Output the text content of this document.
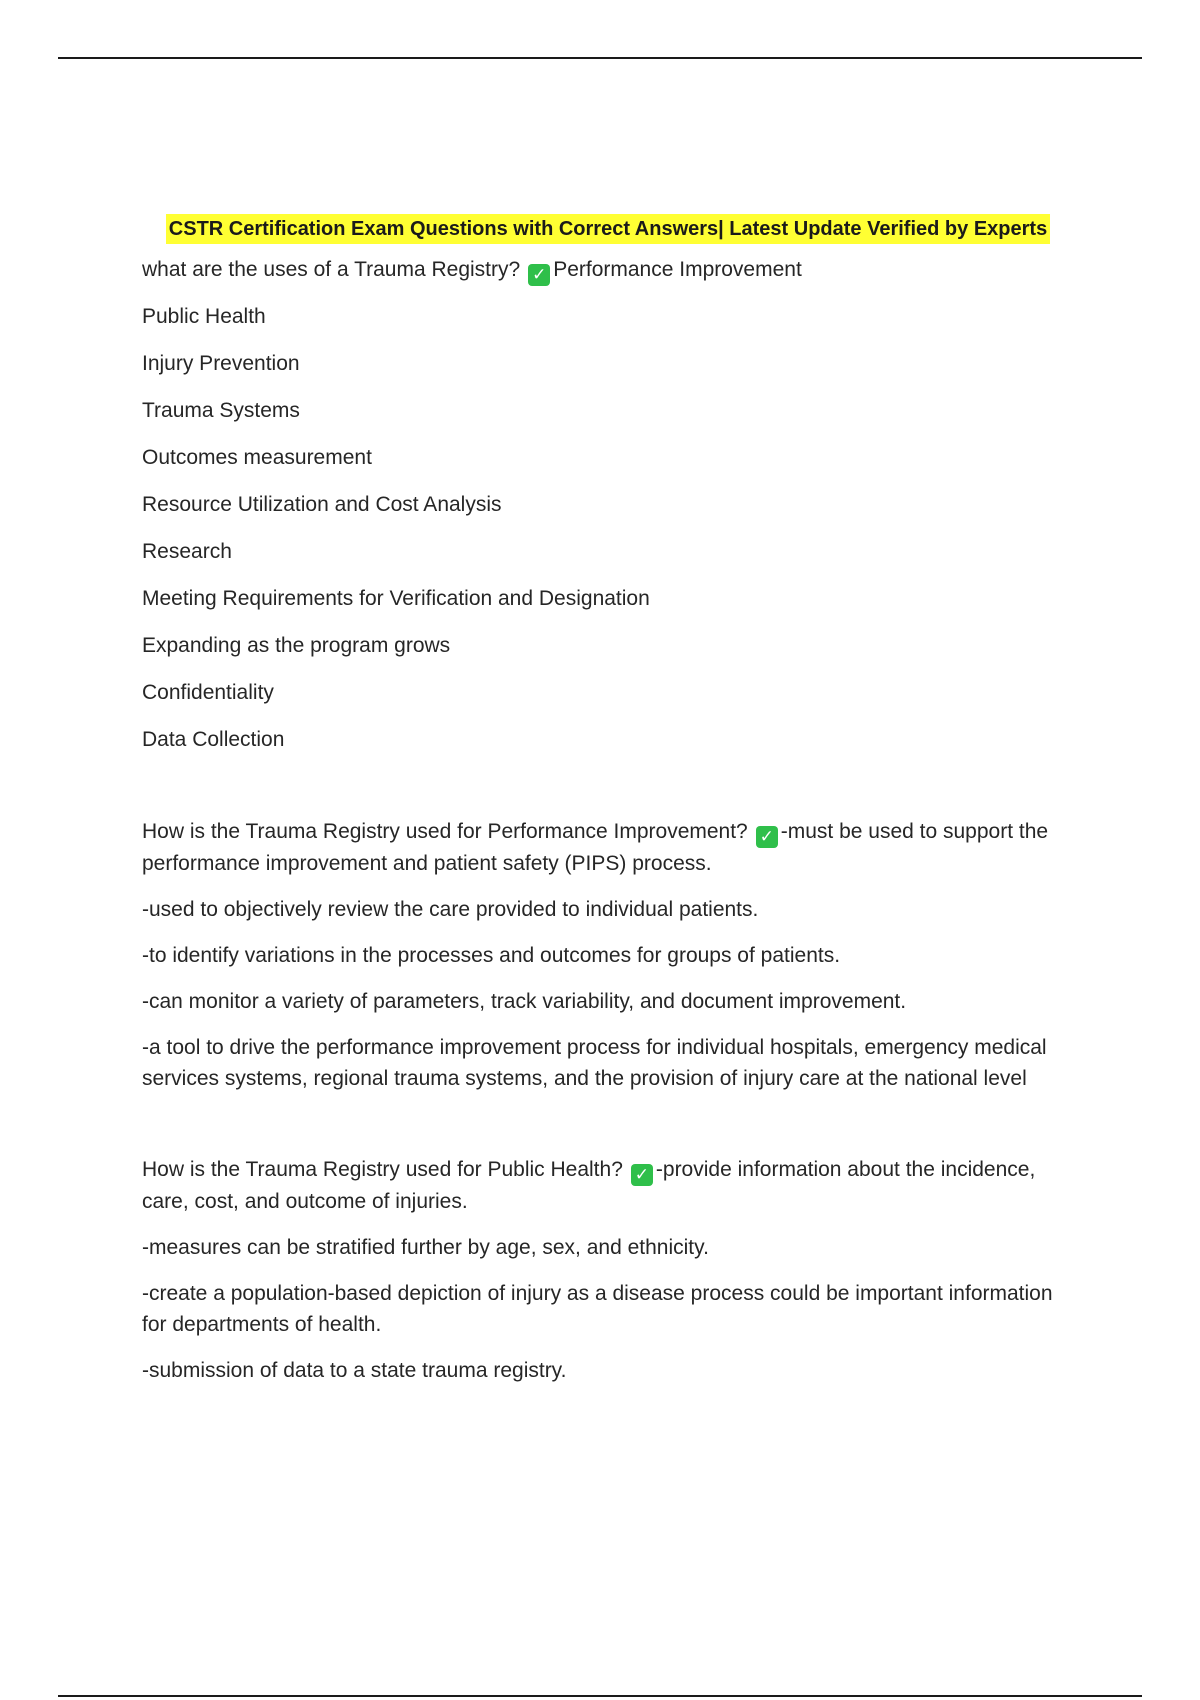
CSTR Certification Exam Questions with Correct Answers| Latest Update Verified by Experts

what are the uses of a Trauma Registry? ✓ Performance Improvement

Public Health

Injury Prevention

Trauma Systems

Outcomes measurement

Resource Utilization and Cost Analysis

Research

Meeting Requirements for Verification and Designation

Expanding as the program grows

Confidentiality

Data Collection

How is the Trauma Registry used for Performance Improvement? ✓ -must be used to support the performance improvement and patient safety (PIPS) process.

-used to objectively review the care provided to individual patients.

-to identify variations in the processes and outcomes for groups of patients.

-can monitor a variety of parameters, track variability, and document improvement.

-a tool to drive the performance improvement process for individual hospitals, emergency medical services systems, regional trauma systems, and the provision of injury care at the national level

How is the Trauma Registry used for Public Health? ✓ -provide information about the incidence, care, cost, and outcome of injuries.

-measures can be stratified further by age, sex, and ethnicity.

-create a population-based depiction of injury as a disease process could be important information for departments of health.

-submission of data to a state trauma registry.
